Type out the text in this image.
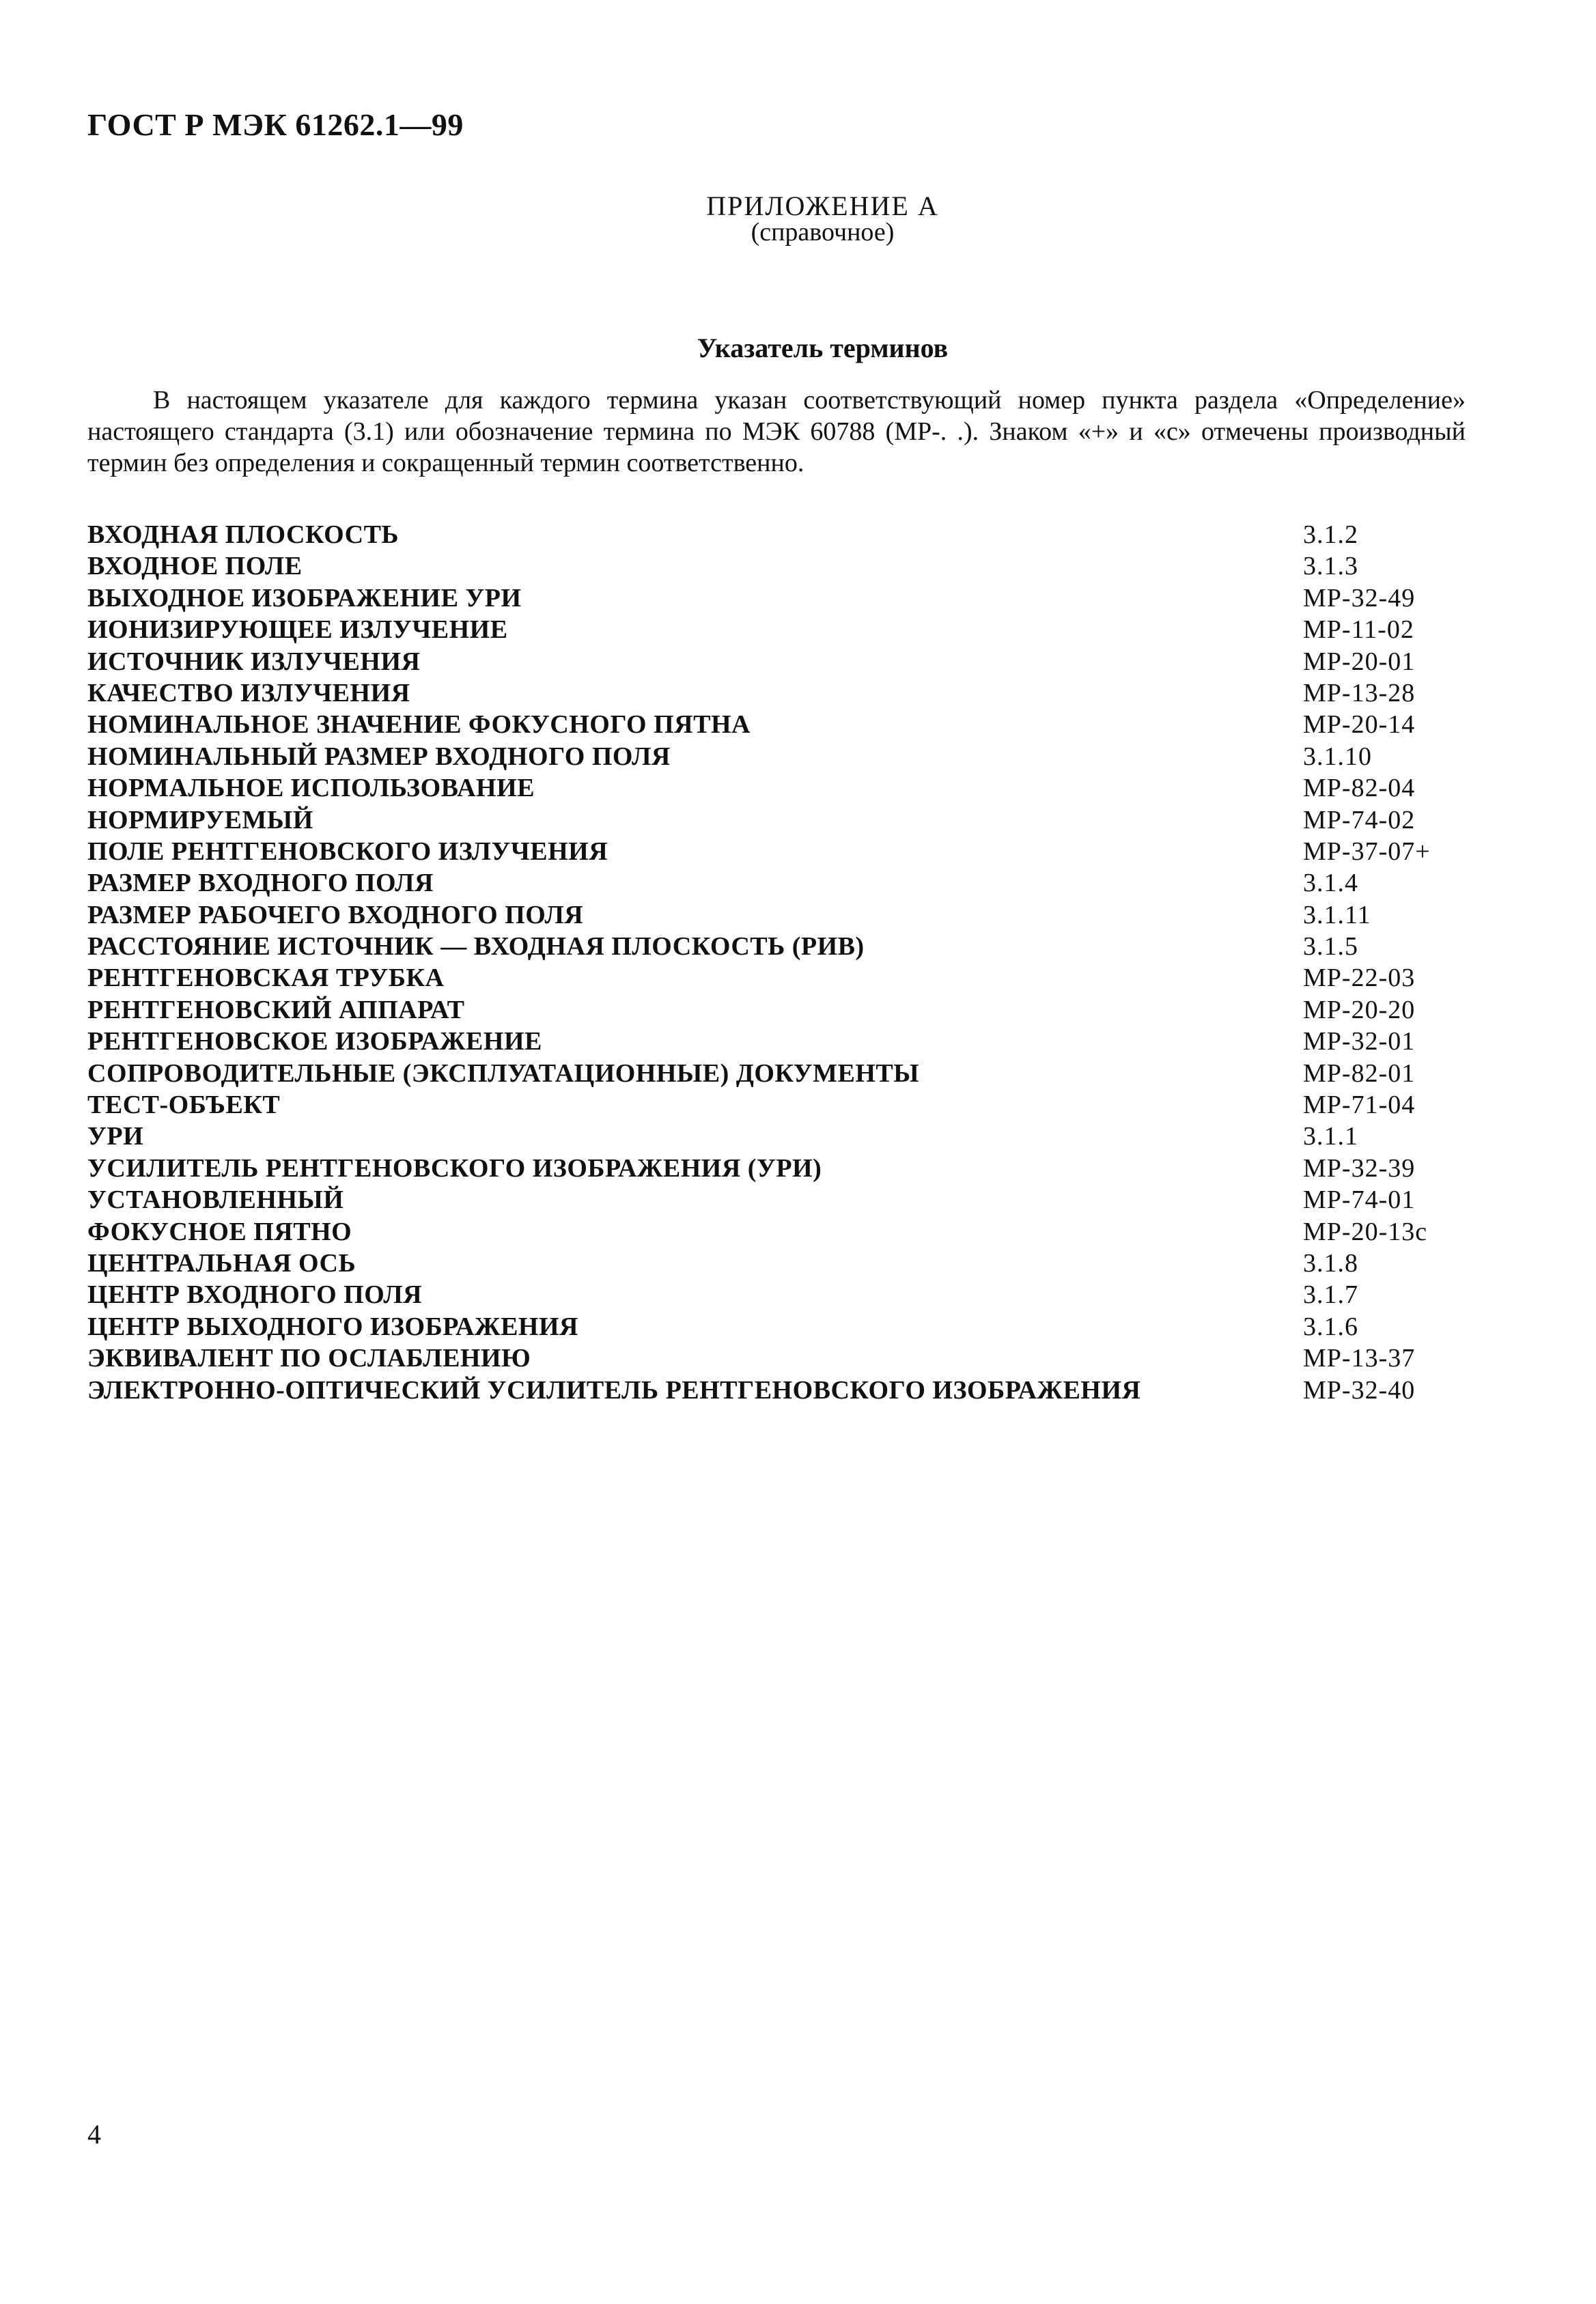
ГОСТ Р МЭК 61262.1—99
ПРИЛОЖЕНИЕ А
(справочное)
Указатель терминов

В настоящем указателе для каждого термина указан соответствующий номер пункта раздела «Определение» настоящего стандарта (3.1) или обозначение термина по МЭК 60788 (МР-. .). Знаком «+» и «с» отмечены производный термин без определения и сокращенный термин соответственно.

ВХОДНАЯ ПЛОСКОСТЬ	3.1.2
ВХОДНОЕ ПОЛЕ	3.1.3
ВЫХОДНОЕ ИЗОБРАЖЕНИЕ УРИ	МР-32-49
ИОНИЗИРУЮЩЕЕ ИЗЛУЧЕНИЕ	МР-11-02
ИСТОЧНИК ИЗЛУЧЕНИЯ	МР-20-01
КАЧЕСТВО ИЗЛУЧЕНИЯ	МР-13-28
НОМИНАЛЬНОЕ ЗНАЧЕНИЕ ФОКУСНОГО ПЯТНА	МР-20-14
НОМИНАЛЬНЫЙ РАЗМЕР ВХОДНОГО ПОЛЯ	3.1.10
НОРМАЛЬНОЕ ИСПОЛЬЗОВАНИЕ	МР-82-04
НОРМИРУЕМЫЙ	МР-74-02
ПОЛЕ РЕНТГЕНОВСКОГО ИЗЛУЧЕНИЯ	МР-37-07+
РАЗМЕР ВХОДНОГО ПОЛЯ	3.1.4
РАЗМЕР РАБОЧЕГО ВХОДНОГО ПОЛЯ	3.1.11
РАССТОЯНИЕ ИСТОЧНИК — ВХОДНАЯ ПЛОСКОСТЬ (РИВ)	3.1.5
РЕНТГЕНОВСКАЯ ТРУБКА	МР-22-03
РЕНТГЕНОВСКИЙ АППАРАТ	МР-20-20
РЕНТГЕНОВСКОЕ ИЗОБРАЖЕНИЕ	МР-32-01
СОПРОВОДИТЕЛЬНЫЕ (ЭКСПЛУАТАЦИОННЫЕ) ДОКУМЕНТЫ	МР-82-01
ТЕСТ-ОБЪЕКТ	МР-71-04
УРИ	3.1.1
УСИЛИТЕЛЬ РЕНТГЕНОВСКОГО ИЗОБРАЖЕНИЯ (УРИ)	МР-32-39
УСТАНОВЛЕННЫЙ	МР-74-01
ФОКУСНОЕ ПЯТНО	МР-20-13с
ЦЕНТРАЛЬНАЯ ОСЬ	3.1.8
ЦЕНТР ВХОДНОГО ПОЛЯ	3.1.7
ЦЕНТР ВЫХОДНОГО ИЗОБРАЖЕНИЯ	3.1.6
ЭКВИВАЛЕНТ ПО ОСЛАБЛЕНИЮ	МР-13-37
ЭЛЕКТРОННО-ОПТИЧЕСКИЙ УСИЛИТЕЛЬ РЕНТГЕНОВСКОГО ИЗОБРАЖЕНИЯ	МР-32-40
4
